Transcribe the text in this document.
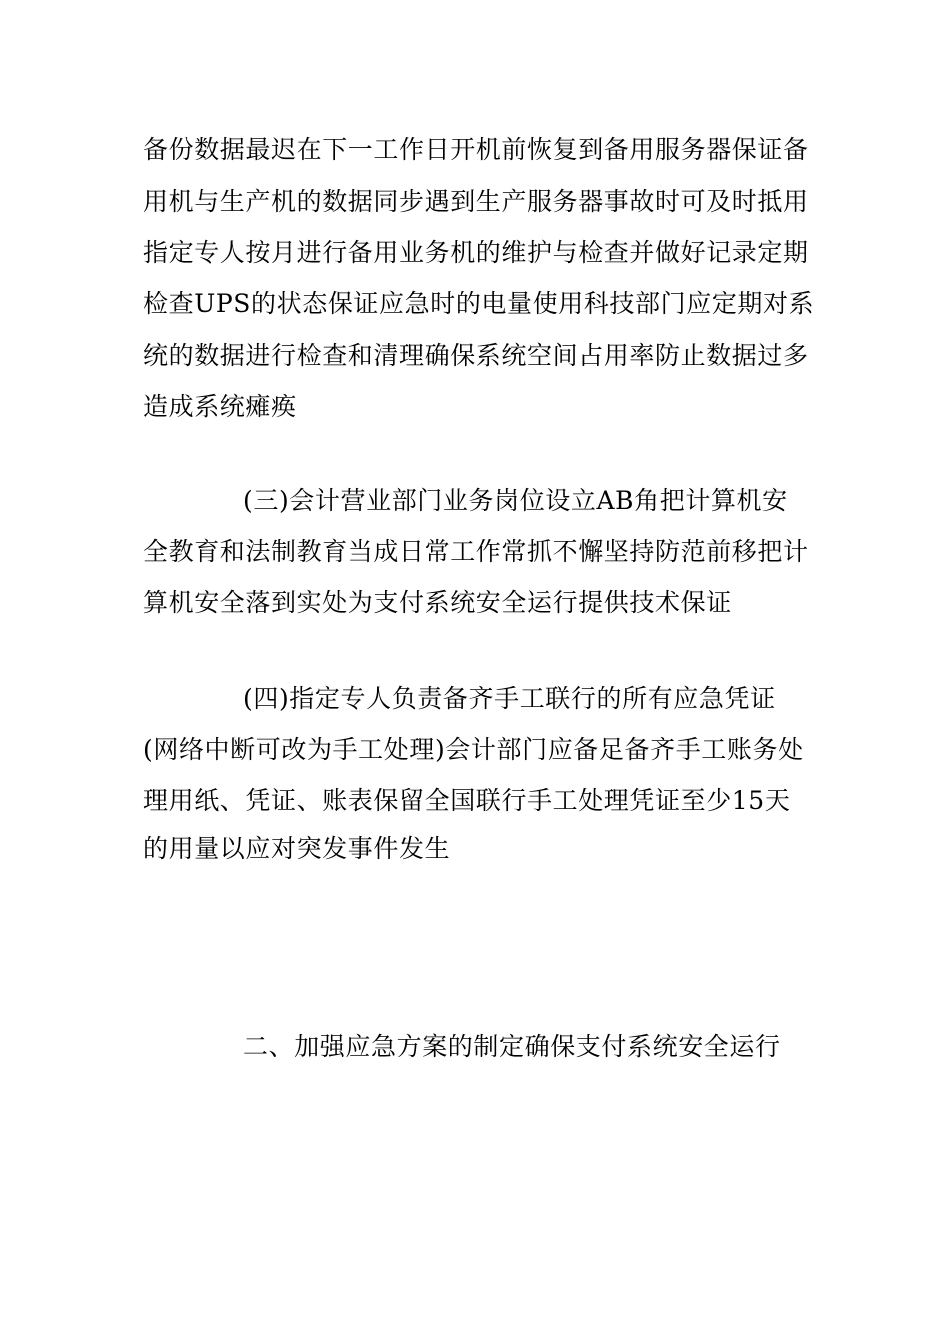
备份数据最迟在下一工作日开机前恢复到备用服务器保证备
用机与生产机的数据同步遇到生产服务器事故时可及时抵用
指定专人按月进行备用业务机的维护与检查并做好记录定期
检查UPS的状态保证应急时的电量使用科技部门应定期对系
统的数据进行检查和清理确保系统空间占用率防止数据过多
造成系统瘫痪
(三)会计营业部门业务岗位设立AB角把计算机安
全教育和法制教育当成日常工作常抓不懈坚持防范前移把计
算机安全落到实处为支付系统安全运行提供技术保证
(四)指定专人负责备齐手工联行的所有应急凭证
(网络中断可改为手工处理)会计部门应备足备齐手工账务处
理用纸、凭证、账表保留全国联行手工处理凭证至少15天
的用量以应对突发事件发生
二、加强应急方案的制定确保支付系统安全运行
